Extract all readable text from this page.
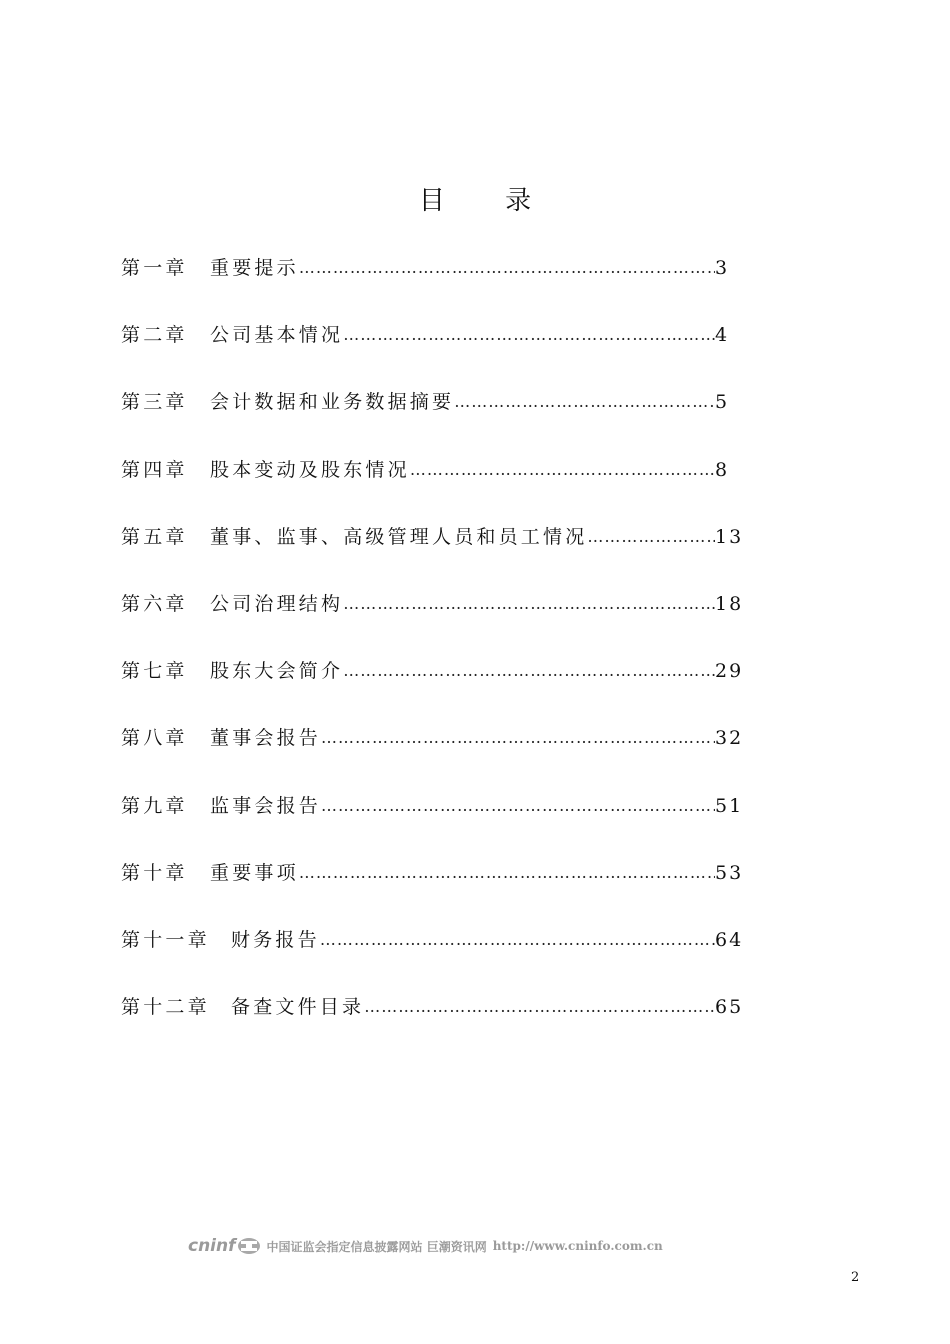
目 录
第一章	重要提示 …………………………………………………………………………………………………………………………………	3
第二章	公司基本情况 …………………………………………………………………………………………………………………………………	4
第三章	会计数据和业务数据摘要 …………………………………………………………………………………………………………………………………	5
第四章	股本变动及股东情况 …………………………………………………………………………………………………………………………………	8
第五章	董事、监事、高级管理人员和员工情况 …………………………………………………………………………………………………………………………………	13
第六章	公司治理结构 …………………………………………………………………………………………………………………………………	18
第七章	股东大会简介 …………………………………………………………………………………………………………………………………	29
第八章	董事会报告 …………………………………………………………………………………………………………………………………	32
第九章	监事会报告 …………………………………………………………………………………………………………………………………	51
第十章	重要事项 …………………………………………………………………………………………………………………………………	53
第十一章	财务报告 …………………………………………………………………………………………………………………………………	64
第十二章	备查文件目录 …………………………………………………………………………………………………………………………………	65
cninf	中国证监会指定信息披露网站 巨潮资讯网 http://www.cninfo.com.cn
2
